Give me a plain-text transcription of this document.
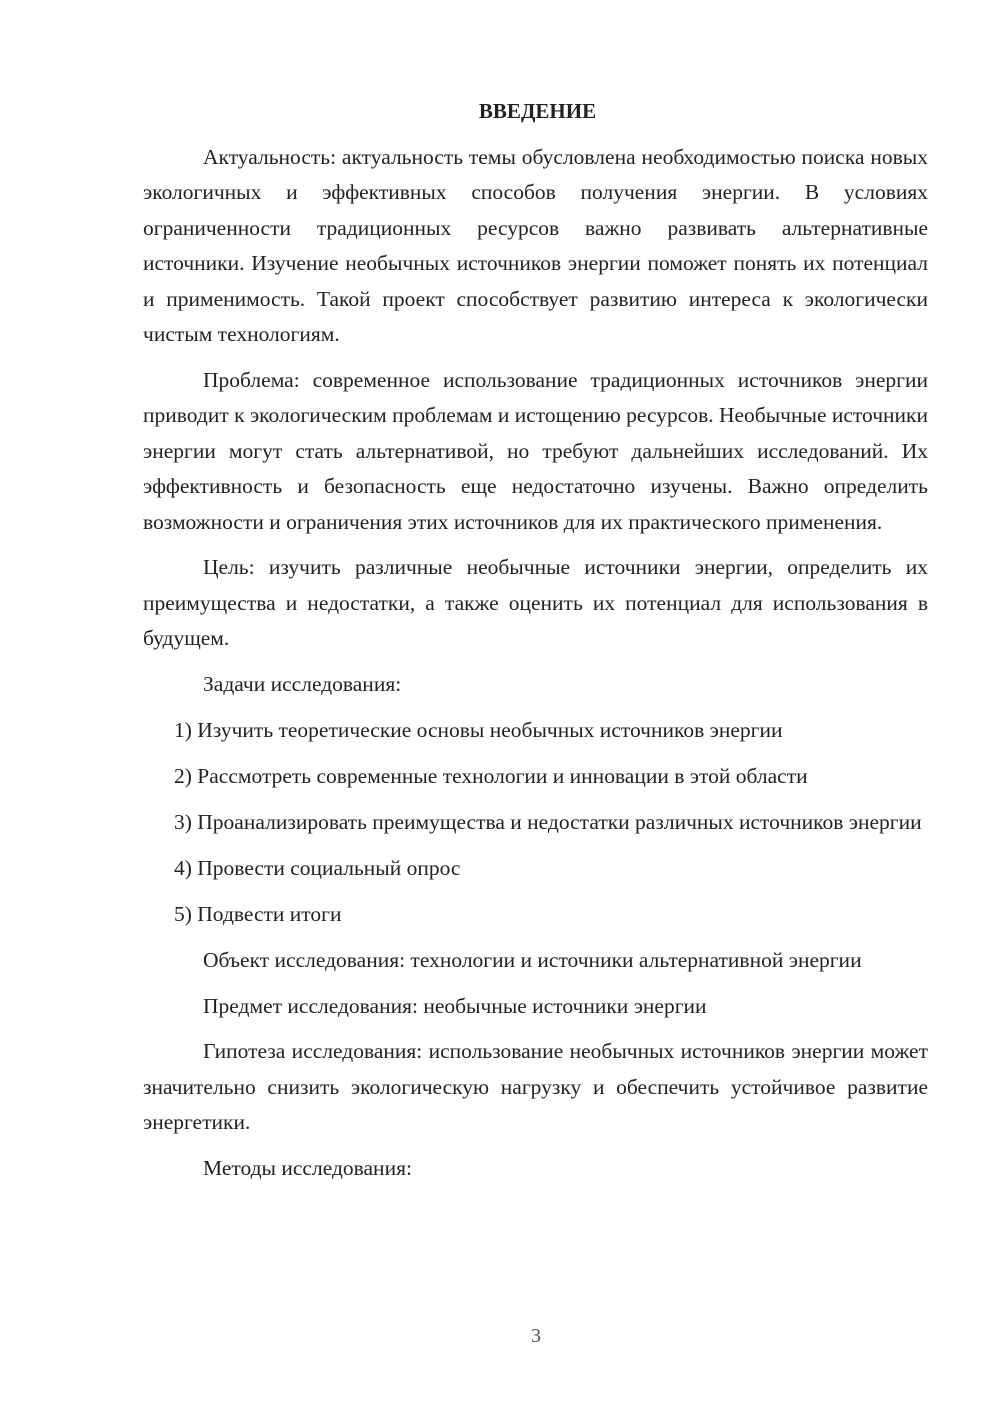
ВВЕДЕНИЕ

Актуальность: актуальность темы обусловлена необходимостью поиска новых экологичных и эффективных способов получения энергии. В условиях ограниченности традиционных ресурсов важно развивать альтернативные источники. Изучение необычных источников энергии поможет понять их потенциал и применимость. Такой проект способствует развитию интереса к экологически чистым технологиям.

Проблема: современное использование традиционных источников энергии приводит к экологическим проблемам и истощению ресурсов. Необычные источники энергии могут стать альтернативой, но требуют дальнейших исследований. Их эффективность и безопасность еще недостаточно изучены. Важно определить возможности и ограничения этих источников для их практического применения.

Цель: изучить различные необычные источники энергии, определить их преимущества и недостатки, а также оценить их потенциал для использования в будущем.

Задачи исследования:

1) Изучить теоретические основы необычных источников энергии

2) Рассмотреть современные технологии и инновации в этой области

3) Проанализировать преимущества и недостатки различных источников энергии

4) Провести социальный опрос

5) Подвести итоги

Объект исследования: технологии и источники альтернативной энергии

Предмет исследования: необычные источники энергии

Гипотеза исследования: использование необычных источников энергии может значительно снизить экологическую нагрузку и обеспечить устойчивое развитие энергетики.

Методы исследования:

3
